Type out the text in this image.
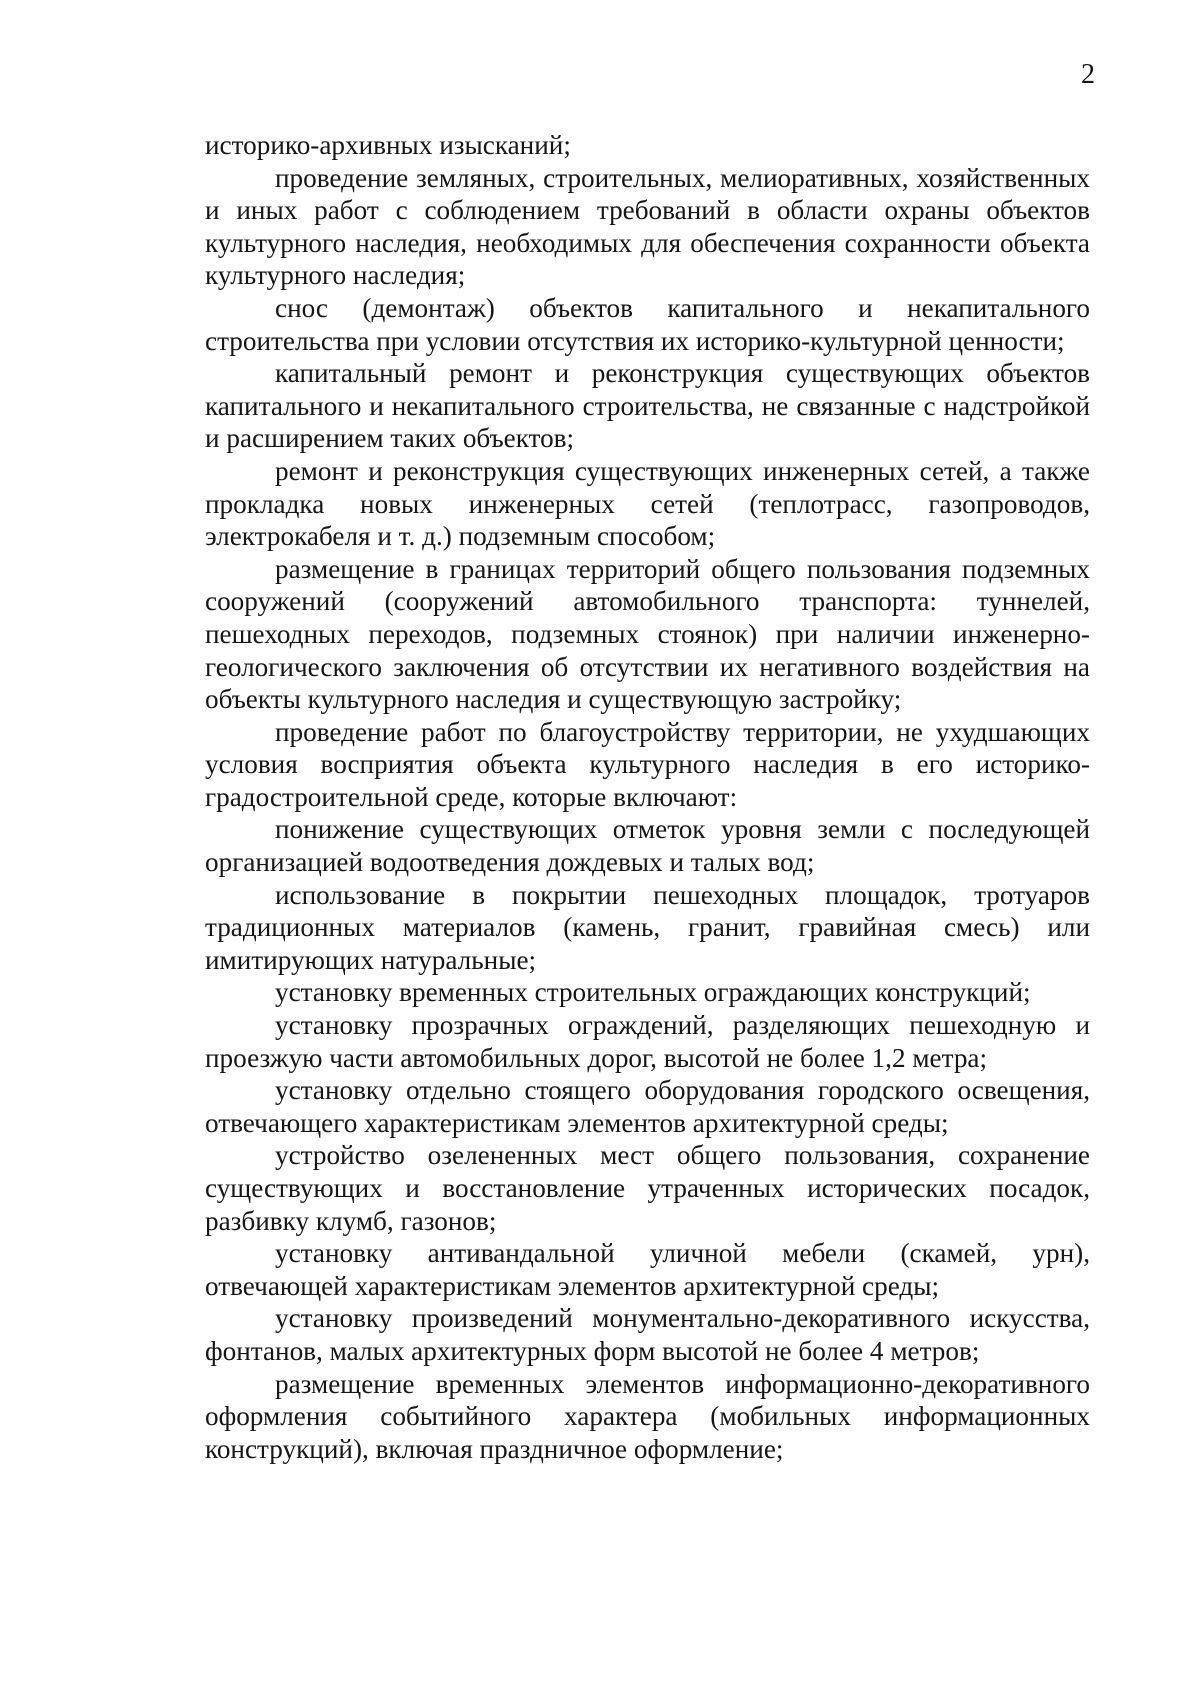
2

историко-архивных изысканий;

проведение земляных, строительных, мелиоративных, хозяйственных и иных работ с соблюдением требований в области охраны объектов культурного наследия, необходимых для обеспечения сохранности объекта культурного наследия;

снос (демонтаж) объектов капитального и некапитального строительства при условии отсутствия их историко-культурной ценности;

капитальный ремонт и реконструкция существующих объектов капитального и некапитального строительства, не связанные с надстройкой и расширением таких объектов;

ремонт и реконструкция существующих инженерных сетей, а также прокладка новых инженерных сетей (теплотрасс, газопроводов, электрокабеля и т. д.) подземным способом;

размещение в границах территорий общего пользования подземных сооружений (сооружений автомобильного транспорта: туннелей, пешеходных переходов, подземных стоянок) при наличии инженерно-геологического заключения об отсутствии их негативного воздействия на объекты культурного наследия и существующую застройку;

проведение работ по благоустройству территории, не ухудшающих условия восприятия объекта культурного наследия в его историко-градостроительной среде, которые включают:

понижение существующих отметок уровня земли с последующей организацией водоотведения дождевых и талых вод;

использование в покрытии пешеходных площадок, тротуаров традиционных материалов (камень, гранит, гравийная смесь) или имитирующих натуральные;

установку временных строительных ограждающих конструкций;

установку прозрачных ограждений, разделяющих пешеходную и проезжую части автомобильных дорог, высотой не более 1,2 метра;

установку отдельно стоящего оборудования городского освещения, отвечающего характеристикам элементов архитектурной среды;

устройство озелененных мест общего пользования, сохранение существующих и восстановление утраченных исторических посадок, разбивку клумб, газонов;

установку антивандальной уличной мебели (скамей, урн), отвечающей характеристикам элементов архитектурной среды;

установку произведений монументально-декоративного искусства, фонтанов, малых архитектурных форм высотой не более 4 метров;

размещение временных элементов информационно-декоративного оформления событийного характера (мобильных информационных конструкций), включая праздничное оформление;
